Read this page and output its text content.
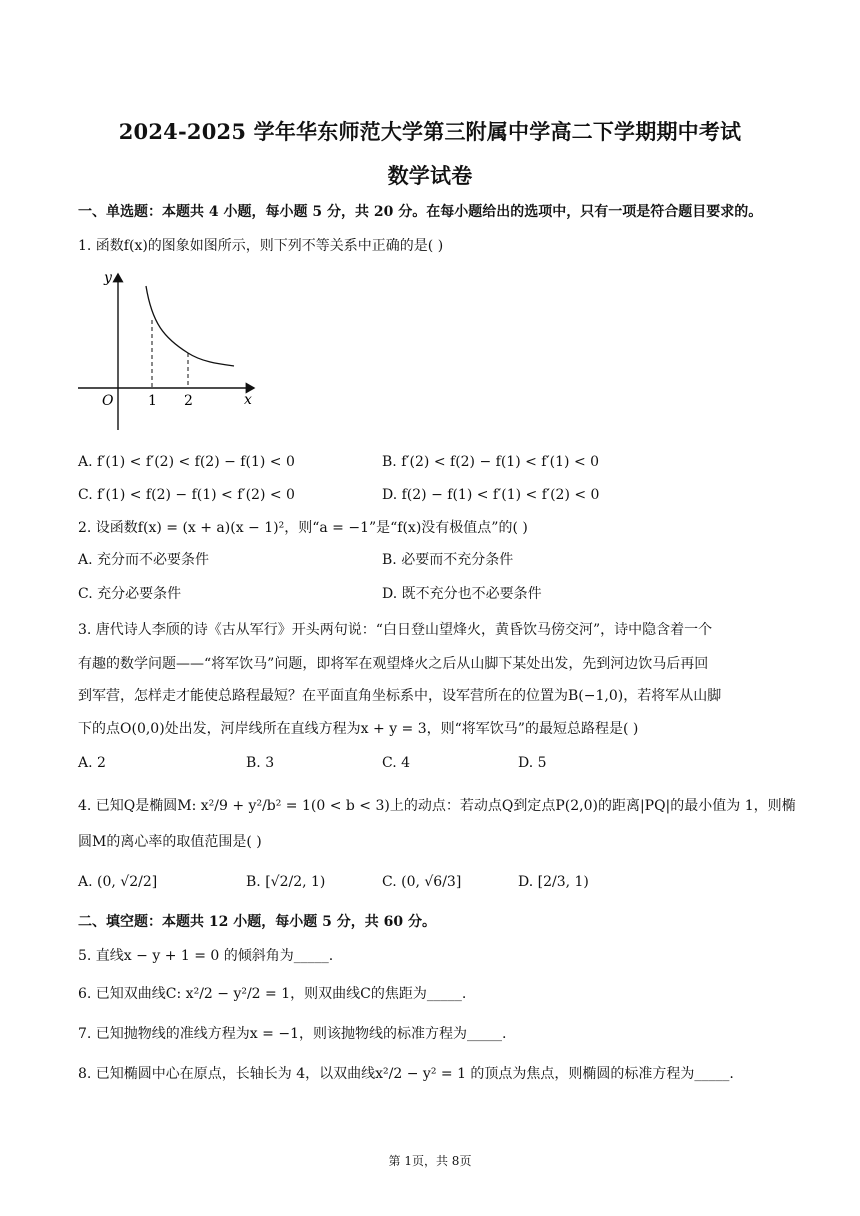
2024-2025 学年华东师范大学第三附属中学高二下学期期中考试
数学试卷
一、单选题：本题共 4 小题，每小题 5 分，共 20 分。在每小题给出的选项中，只有一项是符合题目要求的。
1. 函数f(x)的图象如图所示，则下列不等关系中正确的是( )
y
x
O 1 2
A. f′(1) < f′(2) < f(2) − f(1) < 0	B. f′(2) < f(2) − f(1) < f′(1) < 0
C. f′(1) < f(2) − f(1) < f′(2) < 0	D. f(2) − f(1) < f′(1) < f′(2) < 0
2. 设函数f(x) = (x + a)(x − 1)²，则“a = −1”是“f(x)没有极值点”的( )
A. 充分而不必要条件	B. 必要而不充分条件
C. 充分必要条件	D. 既不充分也不必要条件
3. 唐代诗人李颀的诗《古从军行》开头两句说：“白日登山望烽火，黄昏饮马傍交河”，诗中隐含着一个
有趣的数学问题——“将军饮马”问题，即将军在观望烽火之后从山脚下某处出发，先到河边饮马后再回
到军营，怎样走才能使总路程最短？在平面直角坐标系中，设军营所在的位置为B(−1,0)，若将军从山脚
下的点O(0,0)处出发，河岸线所在直线方程为x + y = 3，则“将军饮马”的最短总路程是( )
A. 2	B. 3	C. 4	D. 5
4. 已知Q是椭圆M: x²/9 + y²/b² = 1(0 < b < 3)上的动点：若动点Q到定点P(2,0)的距离|PQ|的最小值为 1，则椭
圆M的离心率的取值范围是( )
A. (0, √2/2]	B. [√2/2, 1)	C. (0, √6/3]	D. [2/3, 1)
二、填空题：本题共 12 小题，每小题 5 分，共 60 分。
5. 直线x − y + 1 = 0 的倾斜角为_____.
6. 已知双曲线C: x²/2 − y²/2 = 1，则双曲线C的焦距为_____.
7. 已知抛物线的准线方程为x = −1，则该抛物线的标准方程为_____.
8. 已知椭圆中心在原点，长轴长为 4，以双曲线x²/2 − y² = 1 的顶点为焦点，则椭圆的标准方程为_____.
第 1页，共 8页
